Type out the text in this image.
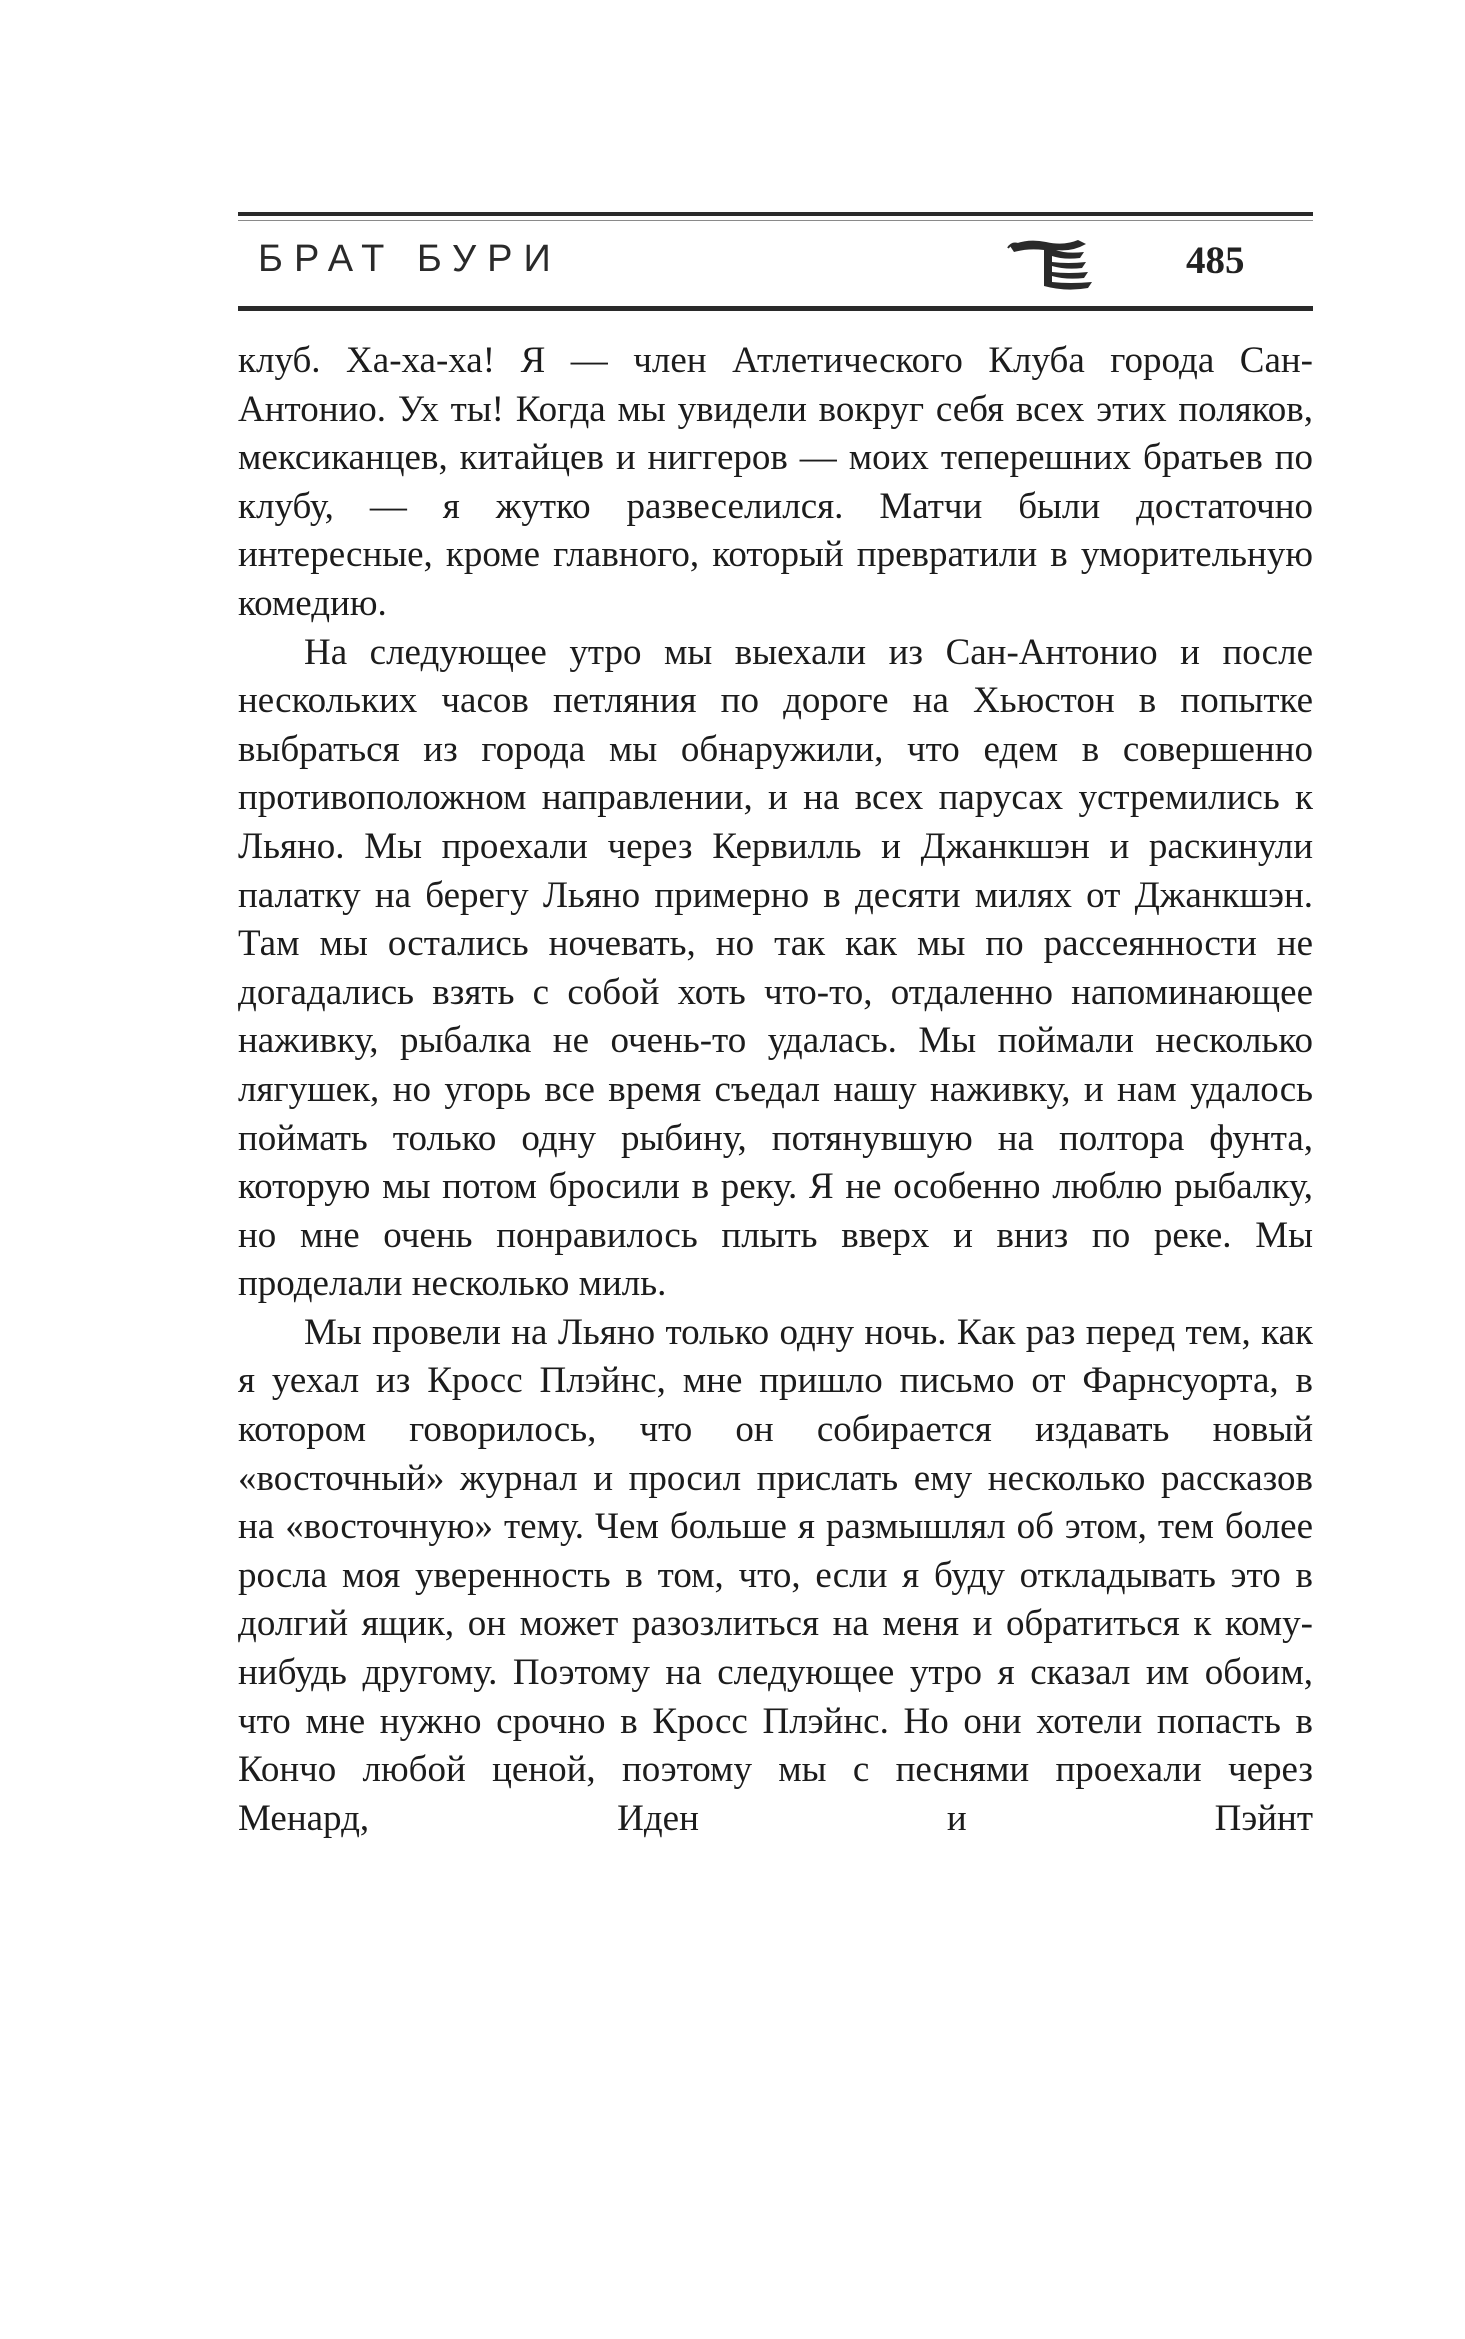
БРАТ БУРИ	485

клуб. Ха-ха-ха! Я — член Атлетического Клуба города Сан-Антонио. Ух ты! Когда мы увидели вокруг себя всех этих поляков, мексиканцев, китайцев и ниггеров — моих теперешних братьев по клубу, — я жутко развеселился. Матчи были достаточно интересные, кроме главного, который превратили в уморительную комедию.

На следующее утро мы выехали из Сан-Антонио и после нескольких часов петляния по дороге на Хьюстон в попытке выбраться из города мы обнаружили, что едем в совершенно противоположном направлении, и на всех парусах устремились к Льяно. Мы проехали через Кервилль и Джанкшэн и раскинули палатку на берегу Льяно примерно в десяти милях от Джанкшэн. Там мы остались ночевать, но так как мы по рассеянности не догадались взять с собой хоть что-то, отдаленно напоминающее наживку, рыбалка не очень-то удалась. Мы поймали несколько лягушек, но угорь все время съедал нашу наживку, и нам удалось поймать только одну рыбину, потянувшую на полтора фунта, которую мы потом бросили в реку. Я не особенно люблю рыбалку, но мне очень понравилось плыть вверх и вниз по реке. Мы проделали несколько миль.

Мы провели на Льяно только одну ночь. Как раз перед тем, как я уехал из Кросс Плэйнс, мне пришло письмо от Фарнсуорта, в котором говорилось, что он собирается издавать новый «восточный» журнал и просил прислать ему несколько рассказов на «восточную» тему. Чем больше я размышлял об этом, тем более росла моя уверенность в том, что, если я буду откладывать это в долгий ящик, он может разозлиться на меня и обратиться к кому-нибудь другому. Поэтому на следующее утро я сказал им обоим, что мне нужно срочно в Кросс Плэйнс. Но они хотели попасть в Кончо любой ценой, поэтому мы с песнями проехали через Менард, Иден и Пэйнт
